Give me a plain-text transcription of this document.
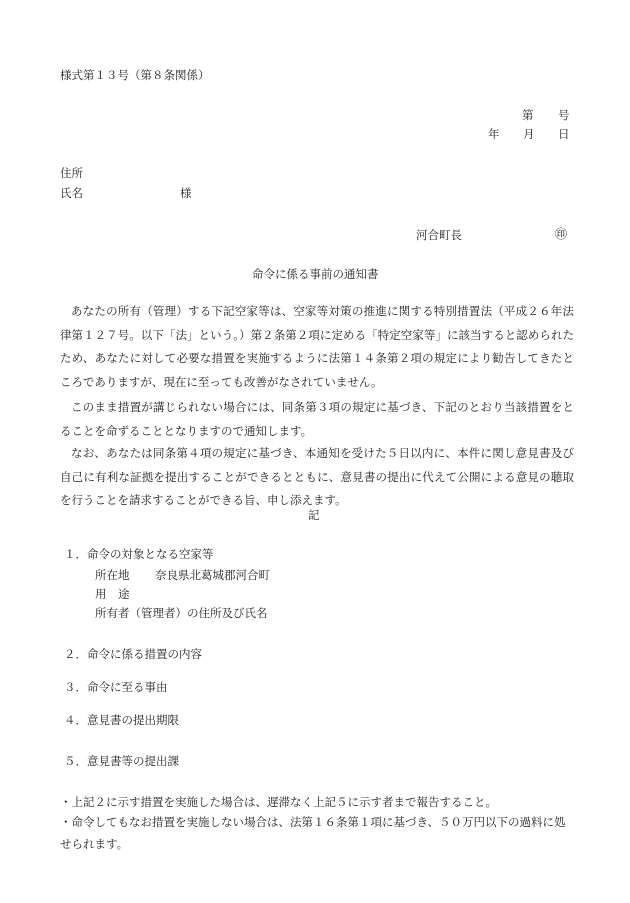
様式第１３号（第８条関係）
第 号
年 月 日
住所
氏名	様
河合町長	㊞
命令に係る事前の通知書
あなたの所有（管理）する下記空家等は、空家等対策の推進に関する特別措置法（平成２６年法律第１２７号。以下「法」という。）第２条第２項に定める「特定空家等」に該当すると認められたため、あなたに対して必要な措置を実施するように法第１４条第２項の規定により勧告してきたところでありますが、現在に至っても改善がなされていません。
このまま措置が講じられない場合には、同条第３項の規定に基づき、下記のとおり当該措置をとることを命ずることとなりますので通知します。
なお、あなたは同条第４項の規定に基づき、本通知を受けた５日以内に、本件に関し意見書及び自己に有利な証拠を提出することができるとともに、意見書の提出に代えて公開による意見の聴取を行うことを請求することができる旨、申し添えます。
記
１．命令の対象となる空家等
所在地 奈良県北葛城郡河合町
用　途
所有者（管理者）の住所及び氏名
２．命令に係る措置の内容
３．命令に至る事由
４．意見書の提出期限
５．意見書等の提出課
・上記２に示す措置を実施した場合は、遅滞なく上記５に示す者まで報告すること。
・命令してもなお措置を実施しない場合は、法第１６条第１項に基づき、５０万円以下の過料に処せられます。
